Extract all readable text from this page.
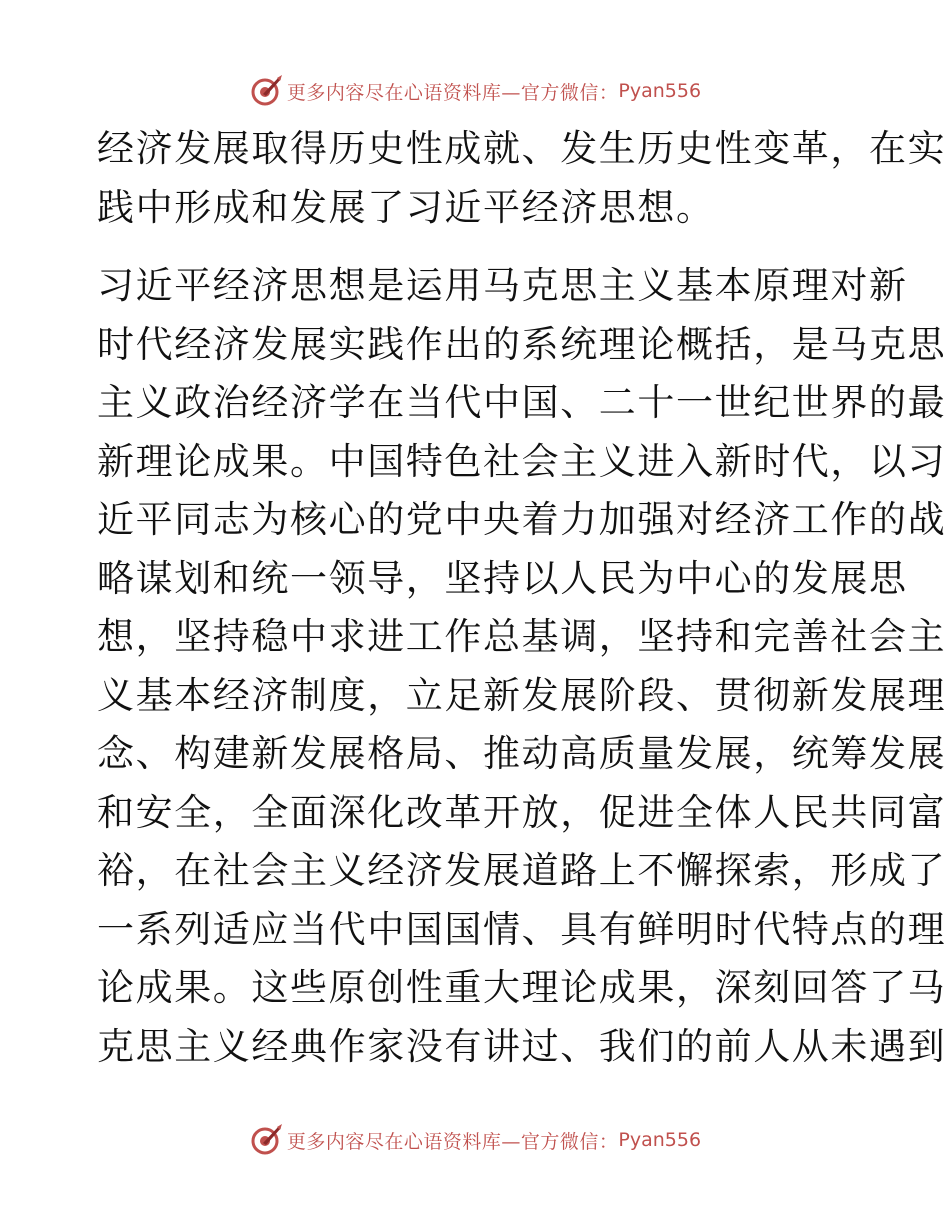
更多内容尽在心语资料库—官方微信： Pyan556
经济发展取得历史性成就、发生历史性变革，在实
践中形成和发展了习近平经济思想。
习近平经济思想是运用马克思主义基本原理对新
时代经济发展实践作出的系统理论概括，是马克思
主义政治经济学在当代中国、二十一世纪世界的最
新理论成果。中国特色社会主义进入新时代，以习
近平同志为核心的党中央着力加强对经济工作的战
略谋划和统一领导，坚持以人民为中心的发展思
想，坚持稳中求进工作总基调，坚持和完善社会主
义基本经济制度，立足新发展阶段、贯彻新发展理
念、构建新发展格局、推动高质量发展，统筹发展
和安全，全面深化改革开放，促进全体人民共同富
裕，在社会主义经济发展道路上不懈探索，形成了
一系列适应当代中国国情、具有鲜明时代特点的理
论成果。这些原创性重大理论成果，深刻回答了马
克思主义经典作家没有讲过、我们的前人从未遇到
更多内容尽在心语资料库—官方微信： Pyan556
